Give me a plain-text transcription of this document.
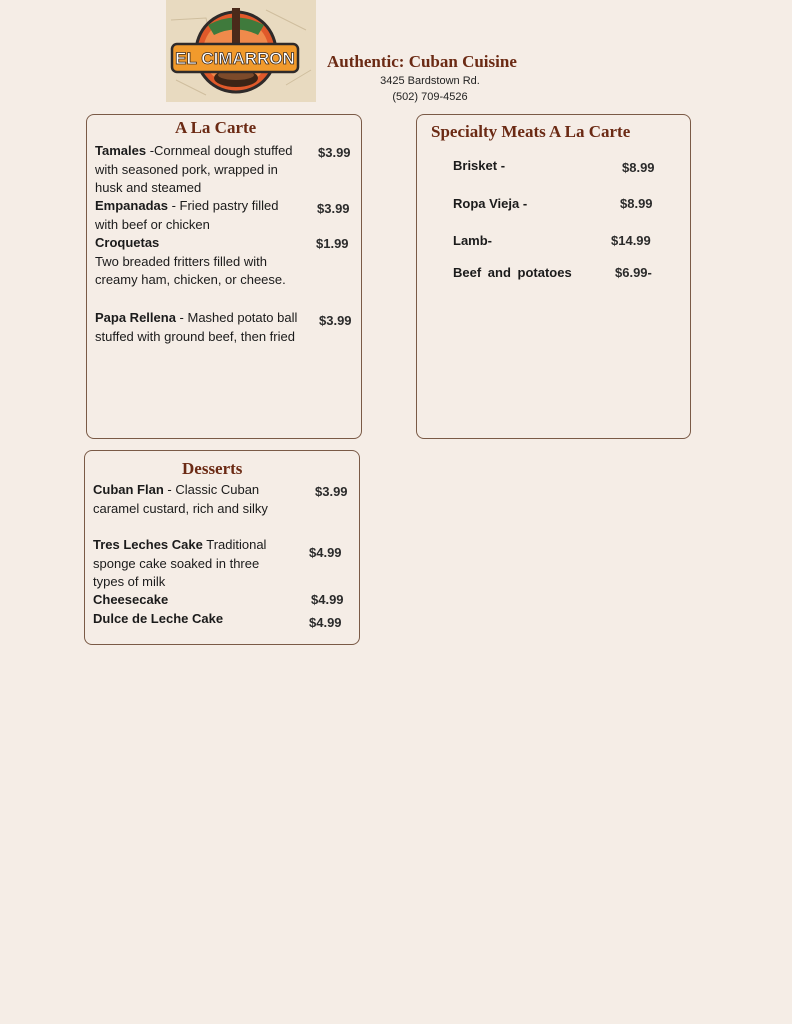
EL CIMARRON Authentic: Cuban Cuisine
3425 Bardstown Rd.
(502) 709-4526
A La Carte
Tamales -Cornmeal dough stuffed with seasoned pork, wrapped in husk and steamed
$3.99
Empanadas - Fried pastry filled with beef or chicken
$3.99
Croquetas
Two breaded fritters filled with creamy ham, chicken, or cheese.
$1.99
Papa Rellena - Mashed potato ball stuffed with ground beef, then fried
$3.99
Specialty Meats A La Carte
Brisket -	$8.99
Ropa Vieja -	$8.99
Lamb-	$14.99
Beef and potatoes	$6.99-
Desserts
Cuban Flan - Classic Cuban caramel custard, rich and silky
$3.99
Tres Leches Cake Traditional sponge cake soaked in three types of milk
$4.99
Cheesecake	$4.99
Dulce de Leche Cake	$4.99
